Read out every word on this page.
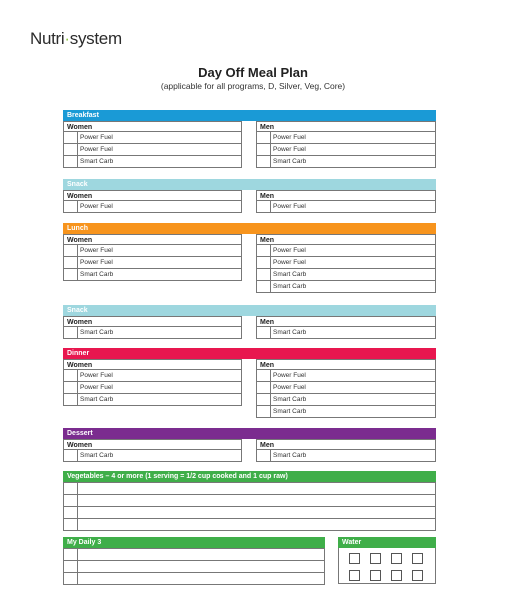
Nutri·system
Day Off Meal Plan
(applicable for all programs, D, Silver, Veg, Core)
Breakfast
Women
Power Fuel
Power Fuel
Smart Carb
Men
Power Fuel
Power Fuel
Smart Carb
Snack
Women
Power Fuel
Men
Power Fuel
Lunch
Women
Power Fuel
Power Fuel
Smart Carb
Men
Power Fuel
Power Fuel
Smart Carb
Smart Carb
Snack
Women
Smart Carb
Men
Smart Carb
Dinner
Women
Power Fuel
Power Fuel
Smart Carb
Men
Power Fuel
Power Fuel
Smart Carb
Smart Carb
Dessert
Women
Smart Carb
Men
Smart Carb
Vegetables – 4 or more (1 serving = 1/2 cup cooked and 1 cup raw)
My Daily 3	Water
